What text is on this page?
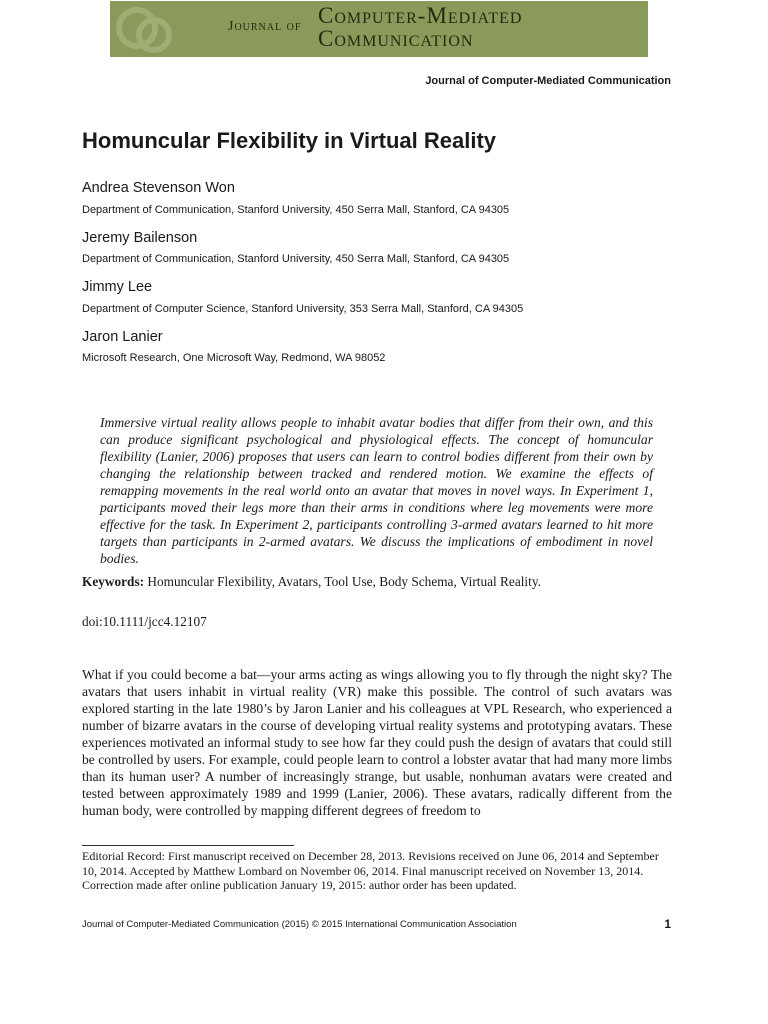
Journal of Computer-Mediated
Communication
Journal of Computer-Mediated Communication
Homuncular Flexibility in Virtual Reality
Andrea Stevenson Won
Department of Communication, Stanford University, 450 Serra Mall, Stanford, CA 94305
Jeremy Bailenson
Department of Communication, Stanford University, 450 Serra Mall, Stanford, CA 94305
Jimmy Lee
Department of Computer Science, Stanford University, 353 Serra Mall, Stanford, CA 94305
Jaron Lanier
Microsoft Research, One Microsoft Way, Redmond, WA 98052

Immersive virtual reality allows people to inhabit avatar bodies that differ from their own, and this can produce significant psychological and physiological effects. The concept of homuncular flexibility (Lanier, 2006) proposes that users can learn to control bodies different from their own by changing the relationship between tracked and rendered motion. We examine the effects of remapping movements in the real world onto an avatar that moves in novel ways. In Experiment 1, participants moved their legs more than their arms in conditions where leg movements were more effective for the task. In Experiment 2, participants controlling 3-armed avatars learned to hit more targets than participants in 2-armed avatars. We discuss the implications of embodiment in novel bodies.

Keywords: Homuncular Flexibility, Avatars, Tool Use, Body Schema, Virtual Reality.
doi:10.1111/jcc4.12107

What if you could become a bat—your arms acting as wings allowing you to fly through the night sky? The avatars that users inhabit in virtual reality (VR) make this possible. The control of such avatars was explored starting in the late 1980’s by Jaron Lanier and his colleagues at VPL Research, who experienced a number of bizarre avatars in the course of developing virtual reality systems and prototyping avatars. These experiences motivated an informal study to see how far they could push the design of avatars that could still be controlled by users. For example, could people learn to control a lobster avatar that had many more limbs than its human user? A number of increasingly strange, but usable, nonhuman avatars were created and tested between approximately 1989 and 1999 (Lanier, 2006). These avatars, radically different from the human body, were controlled by mapping different degrees of freedom to

Editorial Record: First manuscript received on December 28, 2013. Revisions received on June 06, 2014 and September 10, 2014. Accepted by Matthew Lombard on November 06, 2014. Final manuscript received on November 13, 2014. Correction made after online publication January 19, 2015: author order has been updated.

Journal of Computer-Mediated Communication (2015) © 2015 International Communication Association	1
